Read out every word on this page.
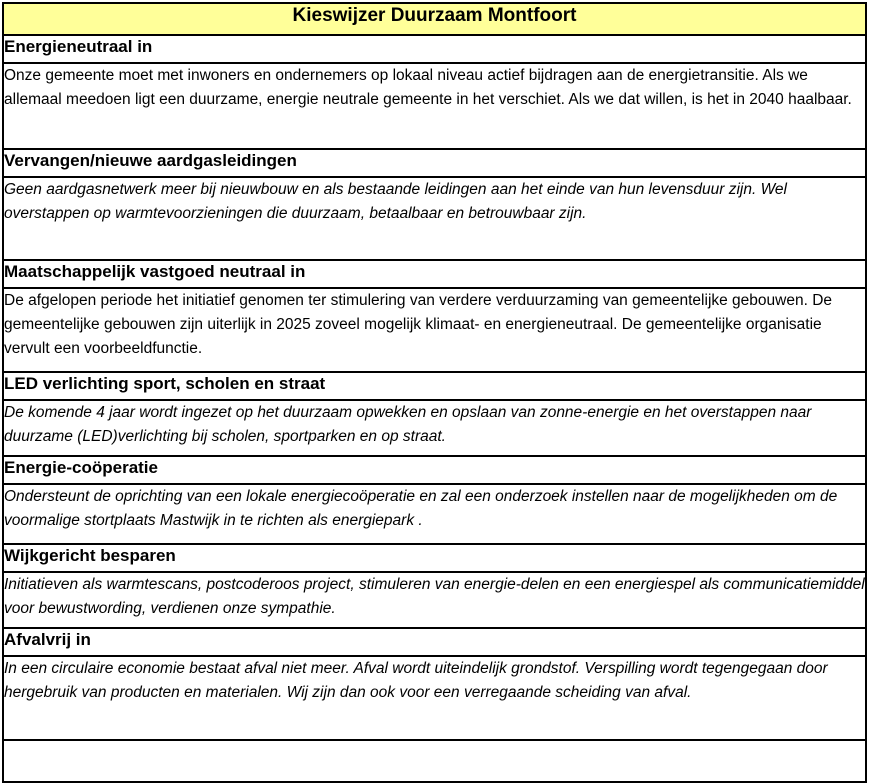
Kieswijzer Duurzaam Montfoort
Energieneutraal in
Onze gemeente moet met inwoners en ondernemers op lokaal niveau actief bijdragen aan de energietransitie. Als we allemaal meedoen ligt een duurzame, energie neutrale gemeente in het verschiet. Als we dat willen, is het in 2040 haalbaar.
Vervangen/nieuwe aardgasleidingen
Geen aardgasnetwerk meer bij nieuwbouw en als bestaande leidingen aan het einde van hun levensduur zijn. Wel overstappen op warmtevoorzieningen die duurzaam, betaalbaar en betrouwbaar zijn.
Maatschappelijk vastgoed neutraal in
De afgelopen periode het initiatief genomen ter stimulering van verdere verduurzaming van gemeentelijke gebouwen. De gemeentelijke gebouwen zijn uiterlijk in 2025 zoveel mogelijk klimaat- en energieneutraal. De gemeentelijke organisatie vervult een voorbeeldfunctie.
LED verlichting sport, scholen en straat
De komende 4 jaar wordt ingezet op het duurzaam opwekken en opslaan van zonne-energie en het overstappen naar duurzame (LED)verlichting bij scholen, sportparken en op straat.
Energie-coöperatie
Ondersteunt de oprichting van een lokale energiecoöperatie en zal een onderzoek instellen naar de mogelijkheden om de voormalige stortplaats Mastwijk in te richten als energiepark .
Wijkgericht besparen
Initiatieven als warmtescans, postcoderoos project, stimuleren van energie-delen en een energiespel als communicatiemiddel voor bewustwording, verdienen onze sympathie.
Afvalvrij in
In een circulaire economie bestaat afval niet meer. Afval wordt uiteindelijk grondstof. Verspilling wordt tegengegaan door hergebruik van producten en materialen. Wij zijn dan ook voor een verregaande scheiding van afval.
